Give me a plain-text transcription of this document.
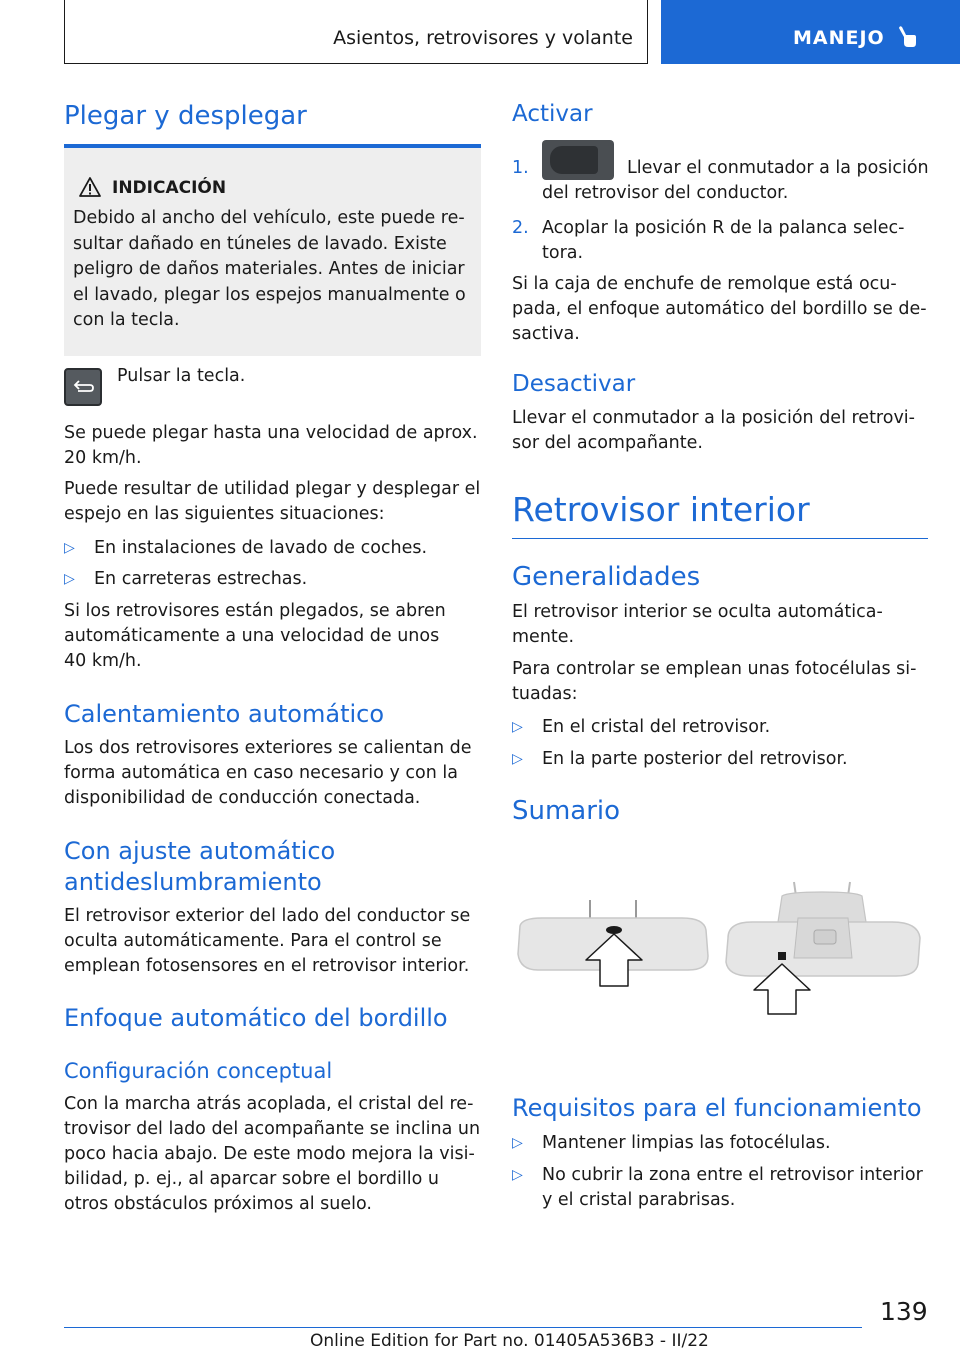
Asientos, retrovisores y volante	MANEJO
Plegar y desplegar
INDICACIÓN
Debido al ancho del vehículo, este puede re-
sultar dañado en túneles de lavado. Existe
peligro de daños materiales. Antes de iniciar
el lavado, plegar los espejos manualmente o
con la tecla.
Pulsar la tecla.
Se puede plegar hasta una velocidad de aprox.
20 km/h.
Puede resultar de utilidad plegar y desplegar el
espejo en las siguientes situaciones:
▷ En instalaciones de lavado de coches.
▷ En carreteras estrechas.
Si los retrovisores están plegados, se abren
automáticamente a una velocidad de unos
40 km/h.
Calentamiento automático
Los dos retrovisores exteriores se calientan de
forma automática en caso necesario y con la
disponibilidad de conducción conectada.
Con ajuste automático
antideslumbramiento
El retrovisor exterior del lado del conductor se
oculta automáticamente. Para el control se
emplean fotosensores en el retrovisor interior.
Enfoque automático del bordillo
Configuración conceptual
Con la marcha atrás acoplada, el cristal del re-
trovisor del lado del acompañante se inclina un
poco hacia abajo. De este modo mejora la visi-
bilidad, p. ej., al aparcar sobre el bordillo u
otros obstáculos próximos al suelo.
Activar
1.	Llevar el conmutador a la posición
del retrovisor del conductor.
2. Acoplar la posición R de la palanca selec-
tora.
Si la caja de enchufe de remolque está ocu-
pada, el enfoque automático del bordillo se de-
sactiva.
Desactivar
Llevar el conmutador a la posición del retrovi-
sor del acompañante.
Retrovisor interior
Generalidades
El retrovisor interior se oculta automática-
mente.
Para controlar se emplean unas fotocélulas si-
tuadas:
▷ En el cristal del retrovisor.
▷ En la parte posterior del retrovisor.
Sumario
Requisitos para el funcionamiento
▷ Mantener limpias las fotocélulas.
▷ No cubrir la zona entre el retrovisor interior
y el cristal parabrisas.
139
Online Edition for Part no. 01405A536B3 - II/22
